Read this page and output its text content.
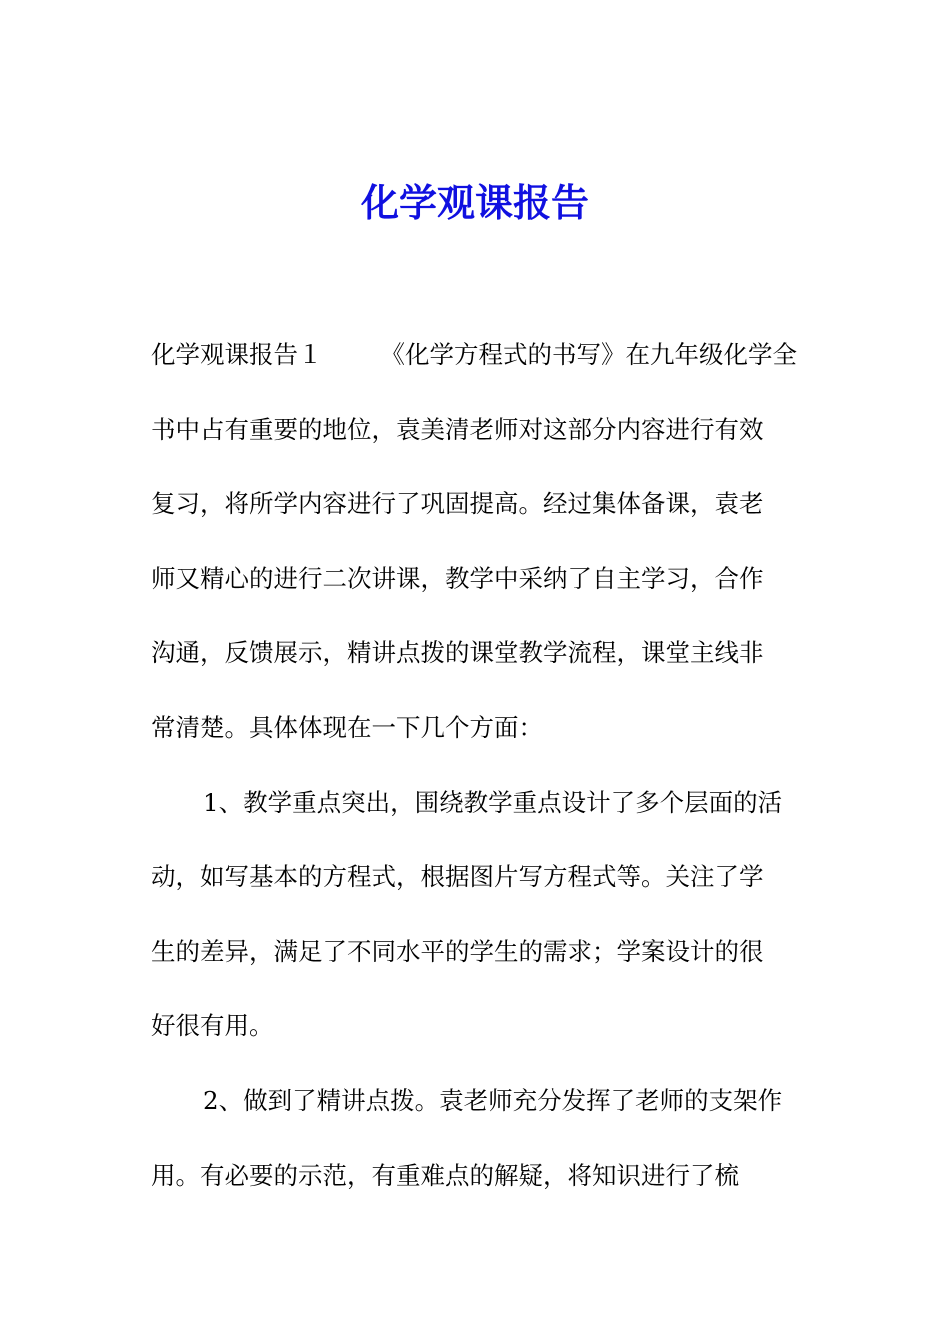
化学观课报告

化学观课报告１ 《化学方程式的书写》在九年级化学全
书中占有重要的地位，袁美清老师对这部分内容进行有效
复习，将所学内容进行了巩固提高。经过集体备课，袁老
师又精心的进行二次讲课，教学中采纳了自主学习，合作
沟通，反馈展示，精讲点拨的课堂教学流程，课堂主线非
常清楚。具体体现在一下几个方面：

1、教学重点突出，围绕教学重点设计了多个层面的活
动，如写基本的方程式，根据图片写方程式等。关注了学
生的差异，满足了不同水平的学生的需求；学案设计的很
好很有用。

2、做到了精讲点拨。袁老师充分发挥了老师的支架作
用。有必要的示范，有重难点的解疑，将知识进行了梳
